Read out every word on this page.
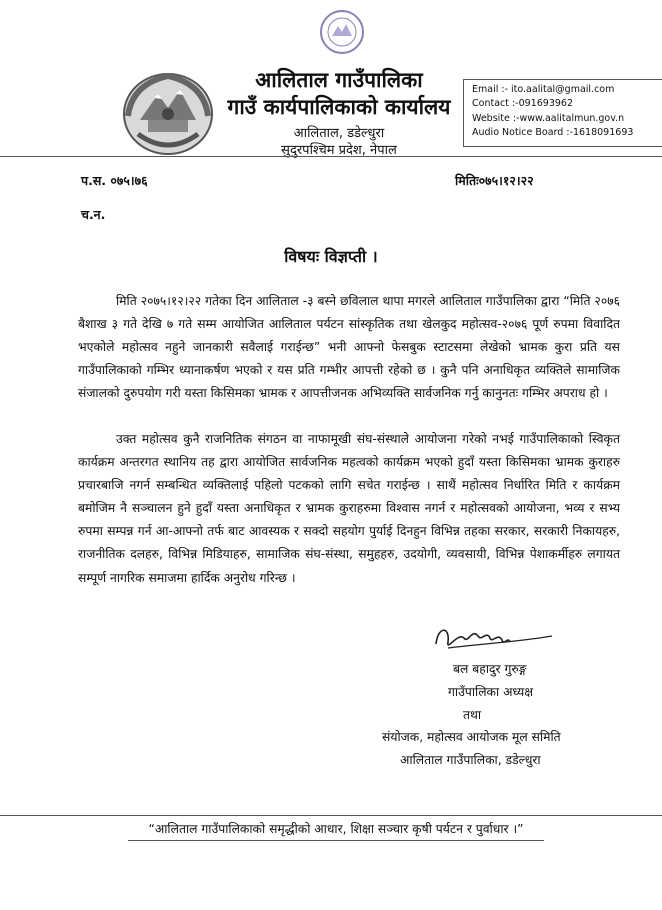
आलिताल गाउँपालिका
गाउँ कार्यपालिकाको कार्यालय
आलिताल, डडेल्धुरा
सुदुरपश्चिम प्रदेश, नेपाल
Email :- ito.aalital@gmail.com
Contact :-091693962
Website :-www.aalitalmun.gov.n
Audio Notice Board :-1618091693
प.स. ०७५।७६	मितिः०७५।१२।२२
च.न.
विषयः विज्ञप्ती ।
मिति २०७५।१२।२२ गतेका दिन आलिताल -३ बस्ने छविलाल थापा मगरले आलिताल गाउँपालिका द्वारा “मिति २०७६ बैशाख ३ गते देखि ७ गते सम्म आयोजित आलिताल पर्यटन सांस्कृतिक तथा खेलकुद महोत्सव-२०७६ पूर्ण रुपमा विवादित भएकोले महोत्सव नहुने जानकारी सवैलाई गराईन्छ” भनी आफ्नो फेसबुक स्टाटसमा लेखेको भ्रामक कुरा प्रति यस गाउँपालिकाको गम्भिर ध्यानाकर्षण भएको र यस प्रति गम्भीर आपत्ती रहेको छ । कुनै पनि अनाधिकृत व्यक्तिले सामाजिक संजालको दुरुपयोग गरी यस्ता किसिमका भ्रामक र आपत्तीजनक अभिव्यक्ति सार्वजनिक गर्नु कानुनतः गम्भिर अपराध हो ।
उक्त महोत्सव कुनै राजनितिक संगठन वा नाफामूखी संघ-संस्थाले आयोजना गरेको नभई गाउँपालिकाको स्विकृत कार्यक्रम अन्तरगत स्थानिय तह द्वारा आयोजित सार्वजनिक महत्वको कार्यक्रम भएको हुदाँ यस्ता किसिमका भ्रामक कुराहरु प्रचारबाजि नगर्न सम्बन्धित व्यक्तिलाई पहिलो पटकको लागि सचेत गराईन्छ । साथैं महोत्सव निर्धारित मिति र कार्यक्रम बमोजिम नै सञ्चालन हुने हुदाँ यस्ता अनाधिकृत र भ्रामक कुराहरुमा विश्वास नगर्न र महोत्सवको आयोजना, भव्य र सभ्य रुपमा सम्पन्न गर्न आ-आफ्नो तर्फ बाट आवस्यक र सक्दो सहयोग पुर्याई दिनहुन विभिन्न तहका सरकार, सरकारी निकायहरु, राजनीतिक दलहरु, विभिन्न मिडियाहरु, सामाजिक संघ-संस्था, समुहहरु, उदयोगी, व्यवसायी, विभिन्न पेशाकर्मीहरु लगायत सम्पूर्ण नागरिक समाजमा हार्दिक अनुरोध गरिन्छ ।
बल बहादुर गुरुङ्ग
गाउँपालिका अध्यक्ष
तथा
संयोजक, महोत्सव आयोजक मूल समिति
आलिताल गाउँपालिका, डडेल्धुरा
“आलिताल गाउँपालिकाको समृद्धीको आधार, शिक्षा सञ्चार कृषी पर्यटन र पुर्वाधार ।”
